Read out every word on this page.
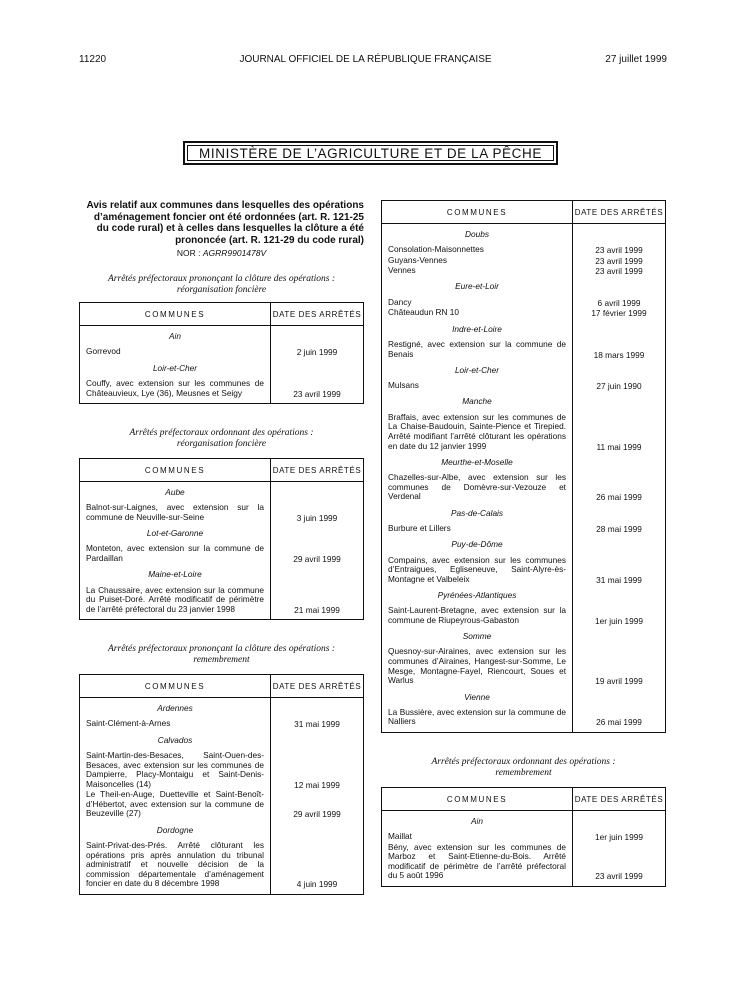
11220	JOURNAL OFFICIEL DE LA RÉPUBLIQUE FRANÇAISE	27 juillet 1999
MINISTÈRE DE L’AGRICULTURE ET DE LA PÊCHE
Avis relatif aux communes dans lesquelles des opérations d’aménagement foncier ont été ordonnées (art. R. 121-25 du code rural) et à celles dans lesquelles la clôture a été prononcée (art. R. 121-29 du code rural)
NOR : AGRR9901478V
Arrêtés préfectoraux prononçant la clôture des opérations :
réorganisation foncière
COMMUNES	DATE DES ARRÊTÉS
Ain	
Gorrevod	2 juin 1999
Loir-et-Cher	
Couffy, avec extension sur les communes de Châteauvieux, Lye (36), Meusnes et Seigy	23 avril 1999

Arrêtés préfectoraux ordonnant des opérations :
réorganisation foncière
COMMUNES	DATE DES ARRÊTÉS
Aube	
Balnot-sur-Laignes, avec extension sur la commune de Neuville-sur-Seine	3 juin 1999
Lot-et-Garonne	
Monteton, avec extension sur la commune de Pardaillan	29 avril 1999
Maine-et-Loire	
La Chaussaire, avec extension sur la commune du Puiset-Doré. Arrêté modificatif de périmètre de l’arrêté préfectoral du 23 janvier 1998	21 mai 1999

Arrêtés préfectoraux prononçant la clôture des opérations :
remembrement
COMMUNES	DATE DES ARRÊTÉS
Ardennes	
Saint-Clément-à-Arnes	31 mai 1999
Calvados	
Saint-Martin-des-Besaces, Saint-Ouen-des-Besaces, avec extension sur les communes de Dampierre, Placy-Montaigu et Saint-Denis-Maisoncelles (14)	12 mai 1999
Le Theil-en-Auge, Duetteville et Saint-Benoît-d’Hébertot, avec extension sur la commune de Beuzeville (27)	29 avril 1999
Dordogne	
Saint-Privat-des-Prés. Arrêté clôturant les opérations pris après annulation du tribunal administratif et nouvelle décision de la commission départementale d’aménagement foncier en date du 8 décembre 1998	4 juin 1999

COMMUNES	DATE DES ARRÊTÉS
Doubs	
Consolation-Maisonnettes	23 avril 1999
Guyans-Vennes	23 avril 1999
Vennes	23 avril 1999
Eure-et-Loir	
Dancy	6 avril 1999
Châteaudun RN 10	17 février 1999
Indre-et-Loire	
Restigné, avec extension sur la commune de Benais	18 mars 1999
Loir-et-Cher	
Mulsans	27 juin 1990
Manche	
Braffais, avec extension sur les communes de La Chaise-Baudouin, Sainte-Pience et Tirepied. Arrêté modifiant l’arrêté clôturant les opérations en date du 12 janvier 1999	11 mai 1999
Meurthe-et-Moselle	
Chazelles-sur-Albe, avec extension sur les communes de Domèvre-sur-Vezouze et Verdenal	26 mai 1999
Pas-de-Calais	
Burbure et Lillers	28 mai 1999
Puy-de-Dôme	
Compains, avec extension sur les communes d’Entraigues, Egliseneuve, Saint-Alyre-ès-Montagne et Valbeleix	31 mai 1999
Pyrénées-Atlantiques	
Saint-Laurent-Bretagne, avec extension sur la commune de Riupeyrous-Gabaston	1er juin 1999
Somme	
Quesnoy-sur-Airaines, avec extension sur les communes d’Airaines, Hangest-sur-Somme, Le Mesge, Montagne-Fayel, Riencourt, Soues et Warlus	19 avril 1999
Vienne	
La Bussière, avec extension sur la commune de Nalliers	26 mai 1999

Arrêtés préfectoraux ordonnant des opérations :
remembrement
COMMUNES	DATE DES ARRÊTÉS
Ain	
Maillat	1er juin 1999
Bény, avec extension sur les communes de Marboz et Saint-Etienne-du-Bois. Arrêté modificatif de périmètre de l’arrêté préfectoral du 5 août 1996	23 avril 1999
